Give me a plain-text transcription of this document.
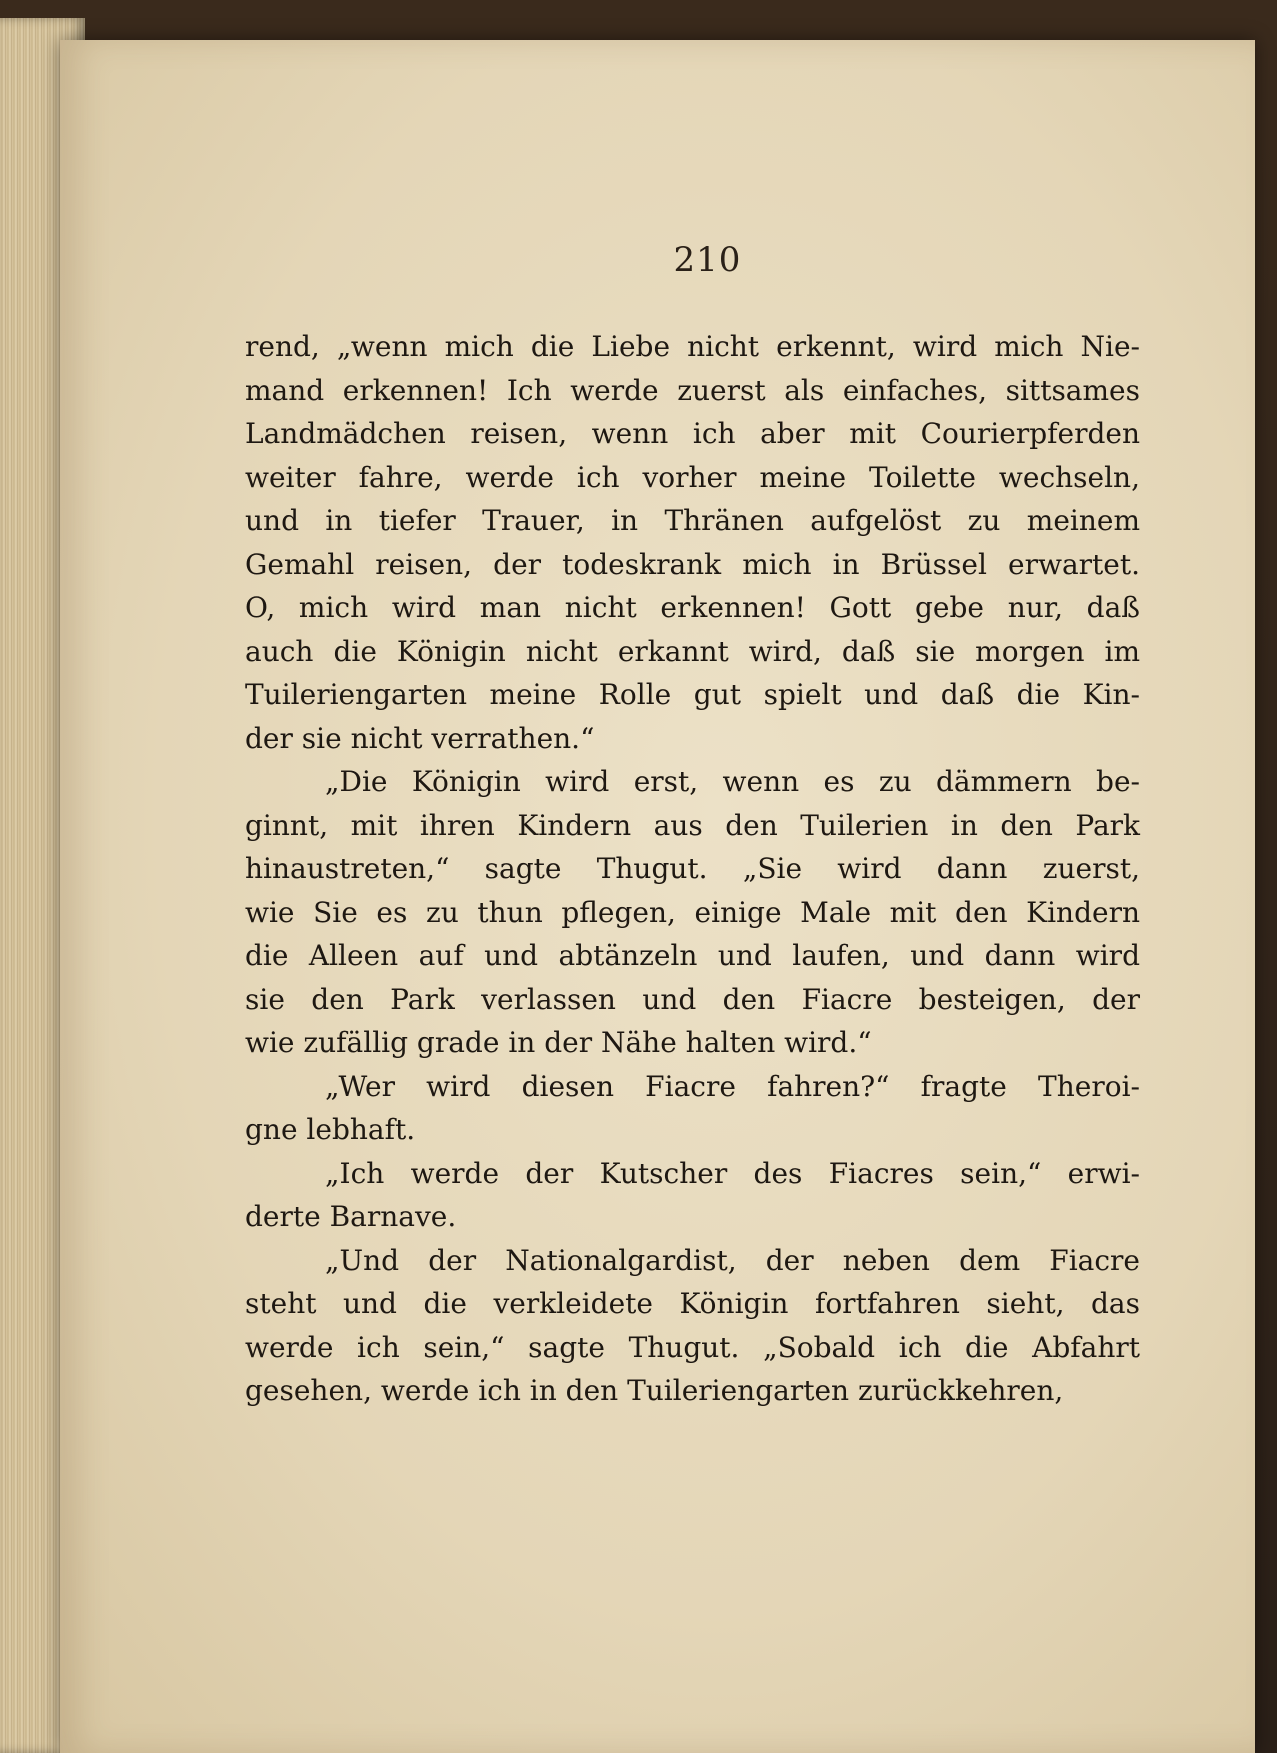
210
rend, „wenn mich die Liebe nicht erkennt, wird mich Nie-
mand erkennen! Ich werde zuerst als einfaches, sittsames
Landmädchen reisen, wenn ich aber mit Courierpferden
weiter fahre, werde ich vorher meine Toilette wechseln,
und in tiefer Trauer, in Thränen aufgelöst zu meinem
Gemahl reisen, der todeskrank mich in Brüssel erwartet.
O, mich wird man nicht erkennen! Gott gebe nur, daß
auch die Königin nicht erkannt wird, daß sie morgen im
Tuileriengarten meine Rolle gut spielt und daß die Kin-
der sie nicht verrathen.“
„Die Königin wird erst, wenn es zu dämmern be-
ginnt, mit ihren Kindern aus den Tuilerien in den Park
hinaustreten,“ sagte Thugut. „Sie wird dann zuerst,
wie Sie es zu thun pflegen, einige Male mit den Kindern
die Alleen auf und abtänzeln und laufen, und dann wird
sie den Park verlassen und den Fiacre besteigen, der
wie zufällig grade in der Nähe halten wird.“
„Wer wird diesen Fiacre fahren?“ fragte Theroi-
gne lebhaft.
„Ich werde der Kutscher des Fiacres sein,“ erwi-
derte Barnave.
„Und der Nationalgardist, der neben dem Fiacre
steht und die verkleidete Königin fortfahren sieht, das
werde ich sein,“ sagte Thugut. „Sobald ich die Abfahrt
gesehen, werde ich in den Tuileriengarten zurückkehren,
